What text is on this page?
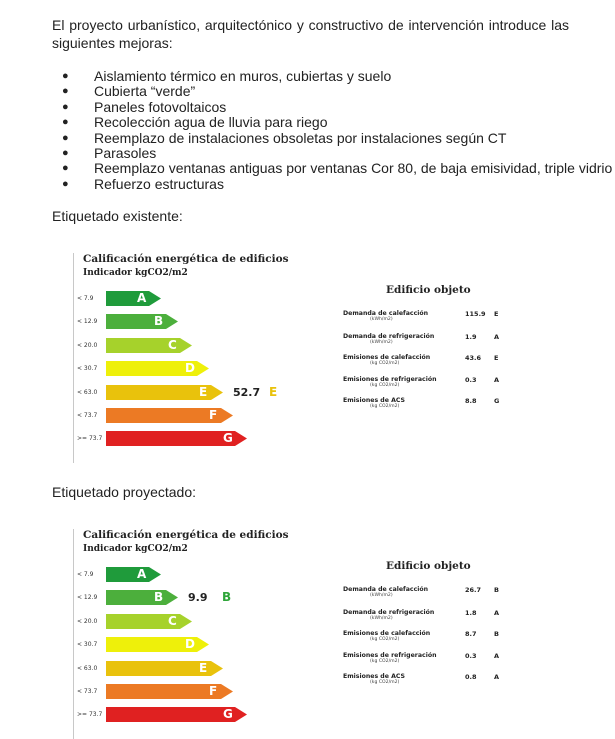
El proyecto urbanístico, arquitectónico y constructivo de intervención introduce las siguientes mejoras:
● Aislamiento térmico en muros, cubiertas y suelo
● Cubierta “verde”
● Paneles fotovoltaicos
● Recolección agua de lluvia para riego
● Reemplazo de instalaciones obsoletas por instalaciones según CT
● Parasoles
● Reemplazo ventanas antiguas por ventanas Cor 80, de baja emisividad, triple vidrio
● Refuerzo estructuras
Etiquetado existente:
Calificación energética de edificios
Indicador kgCO2/m2
< 7.9
< 12.9
< 20.0
< 30.7
< 63.0
< 73.7
>= 73.7
A
B
C
D
E
F
G
52.7 E
Edificio objeto
Demanda de calefacción
(kWh/m2)
115.9 E
Demanda de refrigeración
(kWh/m2)
1.9	A
Emisiones de calefacción
(kg CO2/m2)
43.6 E
Emisiones de refrigeración
(kg CO2/m2)
0.3	A
Emisiones de ACS
(kg CO2/m2)
8.8	G
Etiquetado proyectado:
Calificación energética de edificios
Indicador kgCO2/m2
< 7.9
< 12.9
< 20.0
< 30.7
< 63.0
< 73.7
>= 73.7
A
B
C
D
E
F
G
9.9 B
Edificio objeto
Demanda de calefacción
(kWh/m2)
26.7 B
Demanda de refrigeración
(kWh/m2)
1.8	A
Emisiones de calefacción
(kg CO2/m2)
8.7	B
Emisiones de refrigeración
(kg CO2/m2)
0.3	A
Emisiones de ACS
(kg CO2/m2)
0.8	A
